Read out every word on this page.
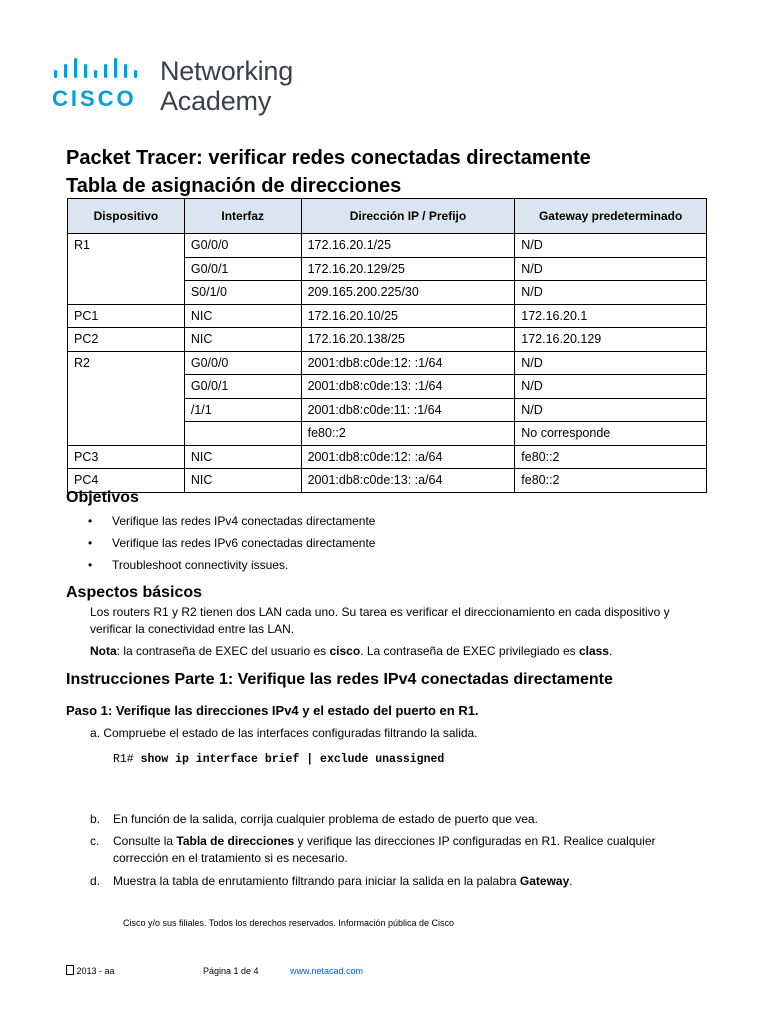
CISCO
Networking
Academy
Packet Tracer: verificar redes conectadas directamente
Tabla de asignación de direcciones
Dispositivo	Interfaz	Dirección IP / Prefijo	Gateway predeterminado
R1	G0/0/0	172.16.20.1/25	N/D
	G0/0/1	172.16.20.129/25	N/D
	S0/1/0	209.165.200.225/30	N/D
PC1	NIC	172.16.20.10/25	172.16.20.1
PC2	NIC	172.16.20.138/25	172.16.20.129
R2	G0/0/0	2001:db8:c0de:12: :1/64	N/D
	G0/0/1	2001:db8:c0de:13: :1/64	N/D
	/1/1	2001:db8:c0de:11: :1/64	N/D
		fe80::2	No corresponde
PC3	NIC	2001:db8:c0de:12: :a/64	fe80::2
PC4	NIC	2001:db8:c0de:13: :a/64	fe80::2
Objetivos
• Verifique las redes IPv4 conectadas directamente
• Verifique las redes IPv6 conectadas directamente
• Troubleshoot connectivity issues.
Aspectos básicos
Los routers R1 y R2 tienen dos LAN cada uno. Su tarea es verificar el direccionamiento en cada dispositivo y verificar la conectividad entre las LAN.
Nota: la contraseña de EXEC del usuario es cisco. La contraseña de EXEC privilegiado es class.
Instrucciones Parte 1: Verifique las redes IPv4 conectadas directamente
Paso 1: Verifique las direcciones IPv4 y el estado del puerto en R1.
a. Compruebe el estado de las interfaces configuradas filtrando la salida.
R1# show ip interface brief | exclude unassigned
b. En función de la salida, corrija cualquier problema de estado de puerto que vea.
c. Consulte la Tabla de direcciones y verifique las direcciones IP configuradas en R1. Realice cualquier corrección en el tratamiento si es necesario.
d. Muestra la tabla de enrutamiento filtrando para iniciar la salida en la palabra Gateway.
Cisco y/o sus filiales. Todos los derechos reservados. Información pública de Cisco
2013 - aa	Página 1 de 4	www.netacad.com
